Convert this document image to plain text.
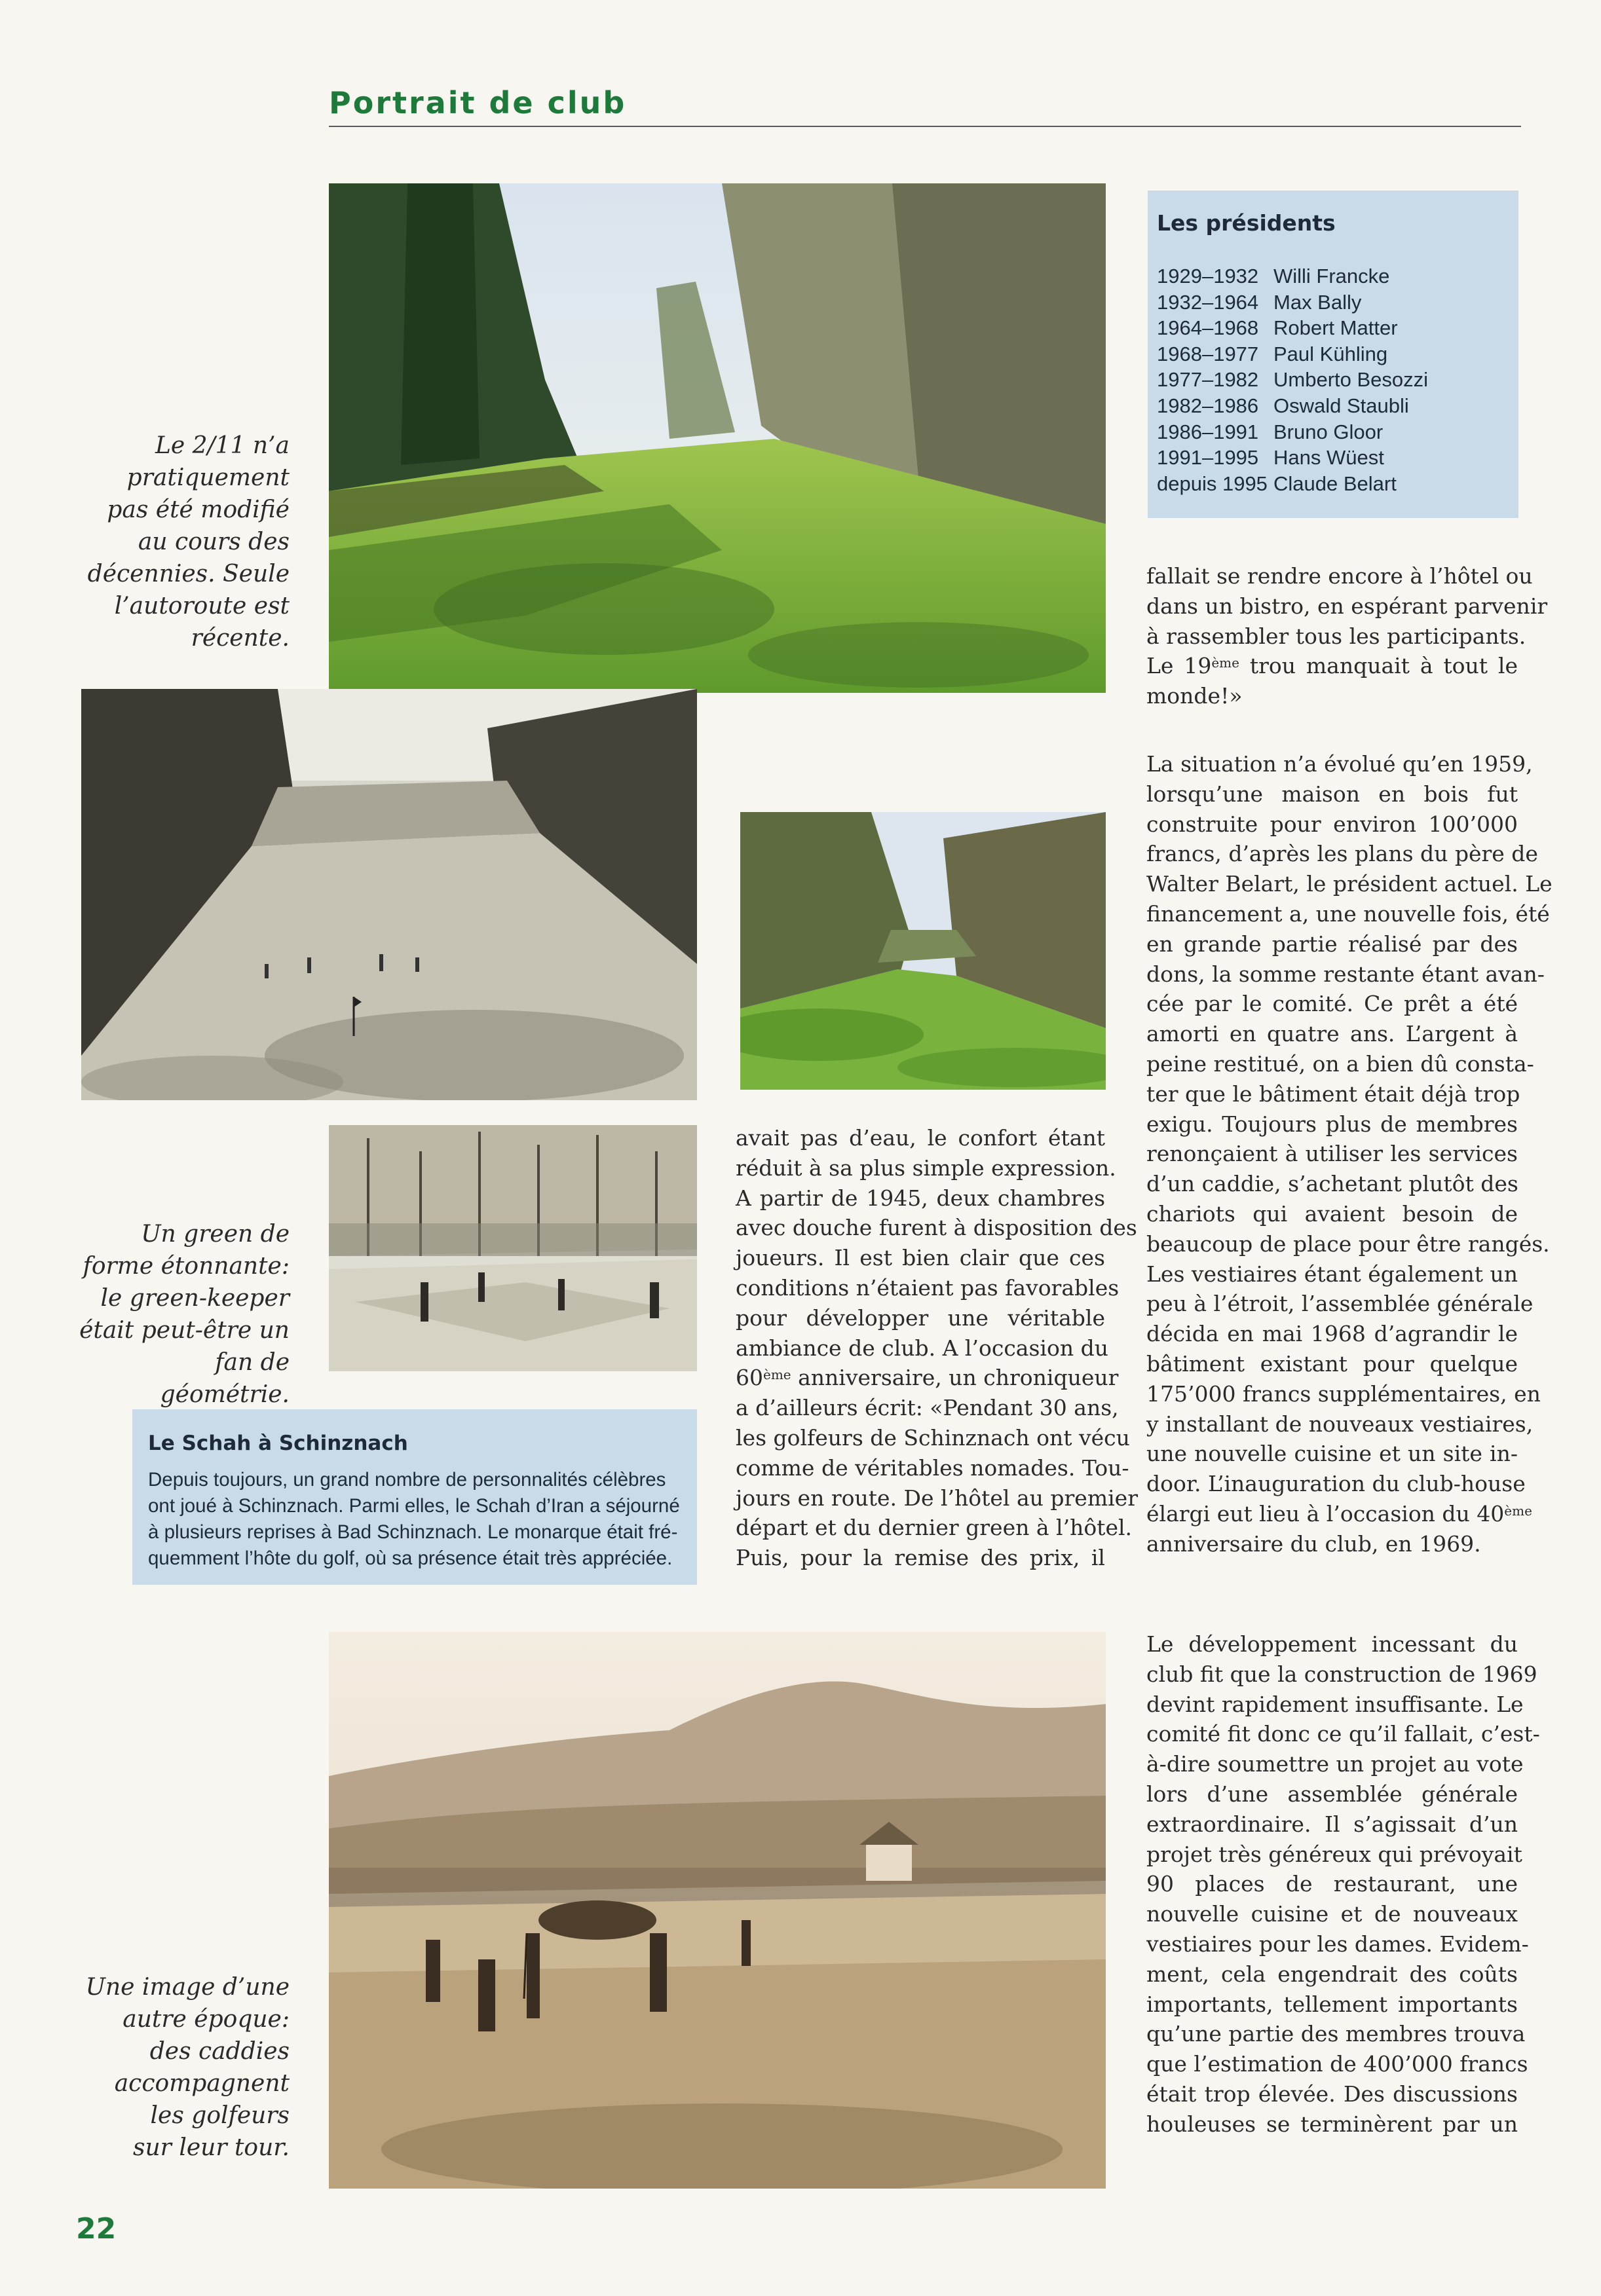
Portrait de club
Le 2/11 n’a
pratiquement
pas été modifié
au cours des
décennies. Seule
l’autoroute est
récente.
Un green de
forme étonnante:
le green-keeper
était peut-être un
fan de géométrie.
Une image d’une
autre époque:
des caddies
accompagnent
les golfeurs
sur leur tour.
Les présidents
1929–1932 Willi Francke
1932–1964 Max Bally
1964–1968 Robert Matter
1968–1977 Paul Kühling
1977–1982 Umberto Besozzi
1982–1986 Oswald Staubli
1986–1991 Bruno Gloor
1991–1995 Hans Wüest
depuis 1995 Claude Belart
Le Schah à Schinznach
Depuis toujours, un grand nombre de personnalités célèbres
ont joué à Schinznach. Parmi elles, le Schah d’Iran a séjourné
à plusieurs reprises à Bad Schinznach. Le monarque était fré-
quemment l’hôte du golf, où sa présence était très appréciée.
avait pas d’eau, le confort étant
réduit à sa plus simple expression.
A partir de 1945, deux chambres
avec douche furent à disposition des
joueurs. Il est bien clair que ces
conditions n’étaient pas favorables
pour développer une véritable
ambiance de club. A l’occasion du
60ème anniversaire, un chroniqueur
a d’ailleurs écrit: «Pendant 30 ans,
les golfeurs de Schinznach ont vécu
comme de véritables nomades. Tou-
jours en route. De l’hôtel au premier
départ et du dernier green à l’hôtel.
Puis, pour la remise des prix, il
fallait se rendre encore à l’hôtel ou
dans un bistro, en espérant parvenir
à rassembler tous les participants.
Le 19ème trou manquait à tout le
monde!»
La situation n’a évolué qu’en 1959,
lorsqu’une maison en bois fut
construite pour environ 100’000
francs, d’après les plans du père de
Walter Belart, le président actuel. Le
financement a, une nouvelle fois, été
en grande partie réalisé par des
dons, la somme restante étant avan-
cée par le comité. Ce prêt a été
amorti en quatre ans. L’argent à
peine restitué, on a bien dû consta-
ter que le bâtiment était déjà trop
exigu. Toujours plus de membres
renonçaient à utiliser les services
d’un caddie, s’achetant plutôt des
chariots qui avaient besoin de
beaucoup de place pour être rangés.
Les vestiaires étant également un
peu à l’étroit, l’assemblée générale
décida en mai 1968 d’agrandir le
bâtiment existant pour quelque
175’000 francs supplémentaires, en
y installant de nouveaux vestiaires,
une nouvelle cuisine et un site in-
door. L’inauguration du club-house
élargi eut lieu à l’occasion du 40ème
anniversaire du club, en 1969.
Le développement incessant du
club fit que la construction de 1969
devint rapidement insuffisante. Le
comité fit donc ce qu’il fallait, c’est-
à-dire soumettre un projet au vote
lors d’une assemblée générale
extraordinaire. Il s’agissait d’un
projet très généreux qui prévoyait
90 places de restaurant, une
nouvelle cuisine et de nouveaux
vestiaires pour les dames. Evidem-
ment, cela engendrait des coûts
importants, tellement importants
qu’une partie des membres trouva
que l’estimation de 400’000 francs
était trop élevée. Des discussions
houleuses se terminèrent par un
22
